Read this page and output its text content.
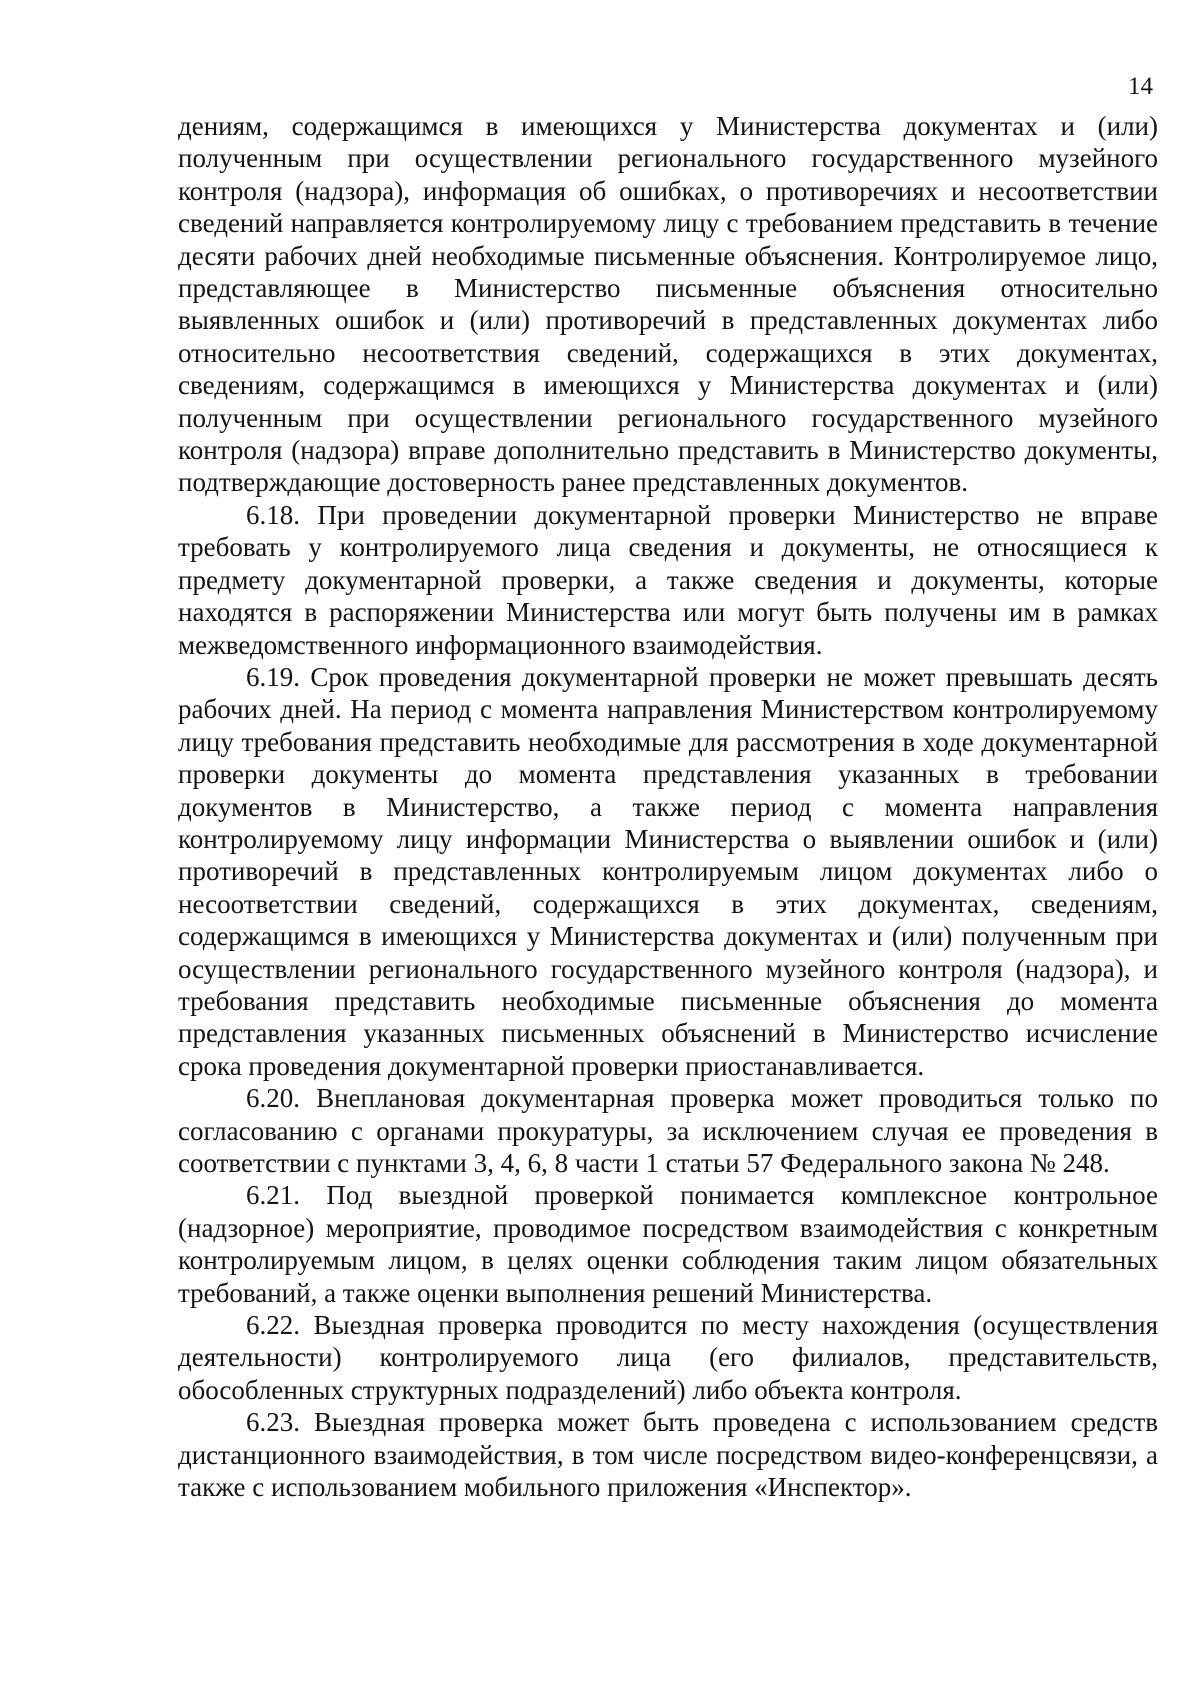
14

дениям, содержащимся в имеющихся у Министерства документах и (или) полученным при осуществлении регионального государственного музейного контроля (надзора), информация об ошибках, о противоречиях и несоответствии сведений направляется контролируемому лицу с требованием представить в течение десяти рабочих дней необходимые письменные объяснения. Контролируемое лицо, представляющее в Министерство письменные объяснения относительно выявленных ошибок и (или) противоречий в представленных документах либо относительно несоответствия сведений, содержащихся в этих документах, сведениям, содержащимся в имеющихся у Министерства документах и (или) полученным при осуществлении регионального государственного музейного контроля (надзора) вправе дополнительно представить в Министерство документы, подтверждающие достоверность ранее представленных документов.

6.18. При проведении документарной проверки Министерство не вправе требовать у контролируемого лица сведения и документы, не относящиеся к предмету документарной проверки, а также сведения и документы, которые находятся в распоряжении Министерства или могут быть получены им в рамках межведомственного информационного взаимодействия.

6.19. Срок проведения документарной проверки не может превышать десять рабочих дней. На период с момента направления Министерством контролируемому лицу требования представить необходимые для рассмотрения в ходе документарной проверки документы до момента представления указанных в требовании документов в Министерство, а также период с момента направления контролируемому лицу информации Министерства о выявлении ошибок и (или) противоречий в представленных контролируемым лицом документах либо о несоответствии сведений, содержащихся в этих документах, сведениям, содержащимся в имеющихся у Министерства документах и (или) полученным при осуществлении регионального государственного музейного контроля (надзора), и требования представить необходимые письменные объяснения до момента представления указанных письменных объяснений в Министерство исчисление срока проведения документарной проверки приостанавливается.

6.20. Внеплановая документарная проверка может проводиться только по согласованию с органами прокуратуры, за исключением случая ее проведения в соответствии с пунктами 3, 4, 6, 8 части 1 статьи 57 Федерального закона № 248.

6.21. Под выездной проверкой понимается комплексное контрольное (надзорное) мероприятие, проводимое посредством взаимодействия с конкретным контролируемым лицом, в целях оценки соблюдения таким лицом обязательных требований, а также оценки выполнения решений Министерства.

6.22. Выездная проверка проводится по месту нахождения (осуществления деятельности) контролируемого лица (его филиалов, представительств, обособленных структурных подразделений) либо объекта контроля.

6.23. Выездная проверка может быть проведена с использованием средств дистанционного взаимодействия, в том числе посредством видео-конференцсвязи, а также с использованием мобильного приложения «Инспектор».
